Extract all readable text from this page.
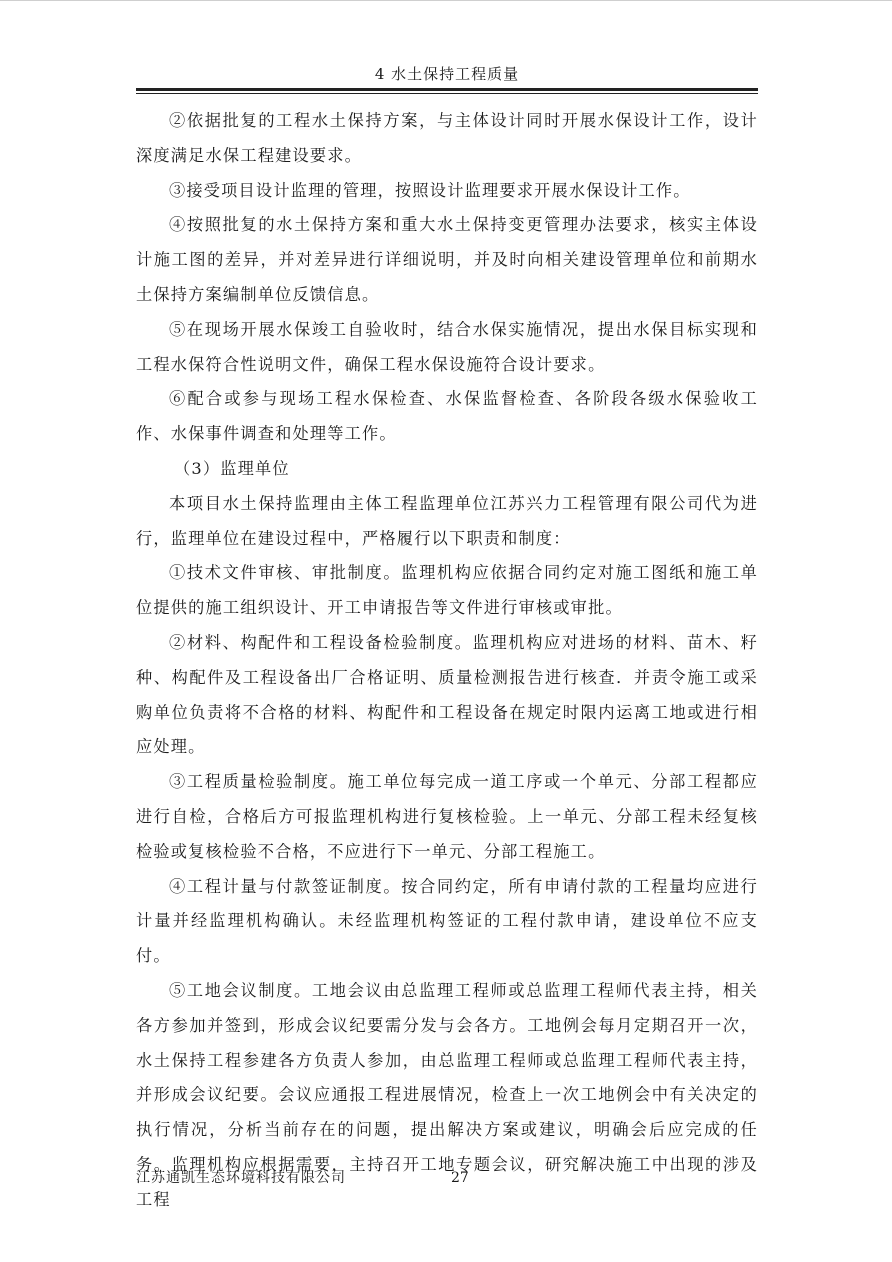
4 水土保持工程质量

②依据批复的工程水土保持方案，与主体设计同时开展水保设计工作，设计深度满足水保工程建设要求。

③接受项目设计监理的管理，按照设计监理要求开展水保设计工作。

④按照批复的水土保持方案和重大水土保持变更管理办法要求，核实主体设计施工图的差异，并对差异进行详细说明，并及时向相关建设管理单位和前期水土保持方案编制单位反馈信息。

⑤在现场开展水保竣工自验收时，结合水保实施情况，提出水保目标实现和工程水保符合性说明文件，确保工程水保设施符合设计要求。

⑥配合或参与现场工程水保检查、水保监督检查、各阶段各级水保验收工作、水保事件调查和处理等工作。

（3）监理单位

本项目水土保持监理由主体工程监理单位江苏兴力工程管理有限公司代为进行，监理单位在建设过程中，严格履行以下职责和制度：

①技术文件审核、审批制度。监理机构应依据合同约定对施工图纸和施工单位提供的施工组织设计、开工申请报告等文件进行审核或审批。

②材料、构配件和工程设备检验制度。监理机构应对进场的材料、苗木、籽种、构配件及工程设备出厂合格证明、质量检测报告进行核查．并责令施工或采购单位负责将不合格的材料、构配件和工程设备在规定时限内运离工地或进行相应处理。

③工程质量检验制度。施工单位每完成一道工序或一个单元、分部工程都应进行自检，合格后方可报监理机构进行复核检验。上一单元、分部工程未经复核检验或复核检验不合格，不应进行下一单元、分部工程施工。

④工程计量与付款签证制度。按合同约定，所有申请付款的工程量均应进行计量并经监理机构确认。未经监理机构签证的工程付款申请，建设单位不应支付。

⑤工地会议制度。工地会议由总监理工程师或总监理工程师代表主持，相关各方参加并签到，形成会议纪要需分发与会各方。工地例会每月定期召开一次，水土保持工程参建各方负责人参加，由总监理工程师或总监理工程师代表主持，并形成会议纪要。会议应通报工程进展情况，检查上一次工地例会中有关决定的执行情况，分析当前存在的问题，提出解决方案或建议，明确会后应完成的任务。监理机构应根据需要，主持召开工地专题会议，研究解决施工中出现的涉及工程

江苏通凯生态环境科技有限公司	27
